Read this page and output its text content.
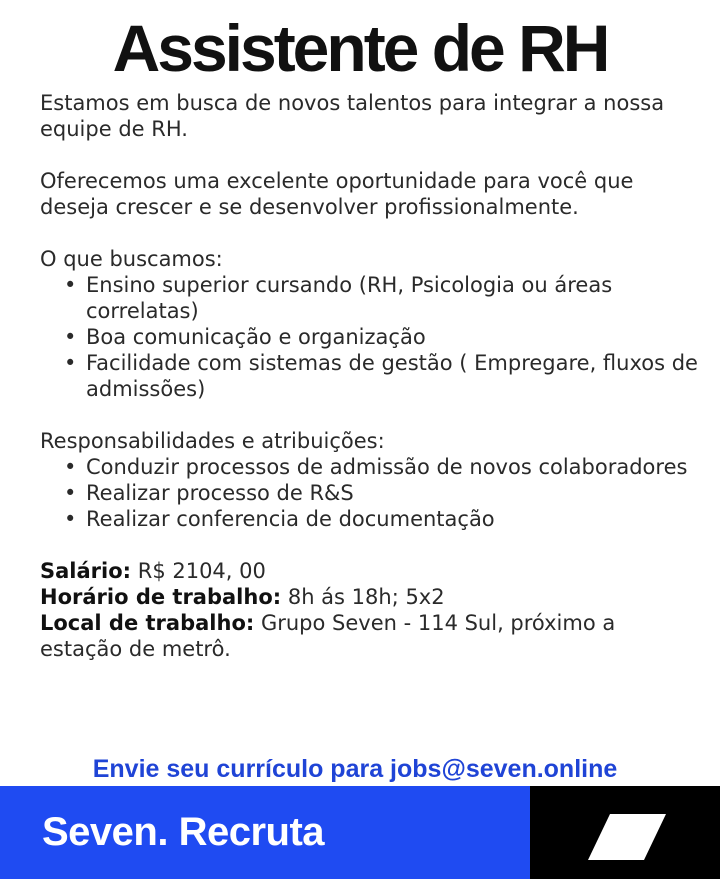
Assistente de RH

Estamos em busca de novos talentos para integrar a nossa equipe de RH.

Oferecemos uma excelente oportunidade para você que deseja crescer e se desenvolver profissionalmente.

O que buscamos:

• Ensino superior cursando (RH, Psicologia ou áreas correlatas)
• Boa comunicação e organização
• Facilidade com sistemas de gestão ( Empregare, fluxos de admissões)

Responsabilidades e atribuições:

• Conduzir processos de admissão de novos colaboradores
• Realizar processo de R&S
• Realizar conferencia de documentação

Salário: R$ 2104, 00

Horário de trabalho: 8h ás 18h; 5x2

Local de trabalho: Grupo Seven - 114 Sul, próximo a estação de metrô.

Envie seu currículo para jobs@seven.online
Seven. Recruta
